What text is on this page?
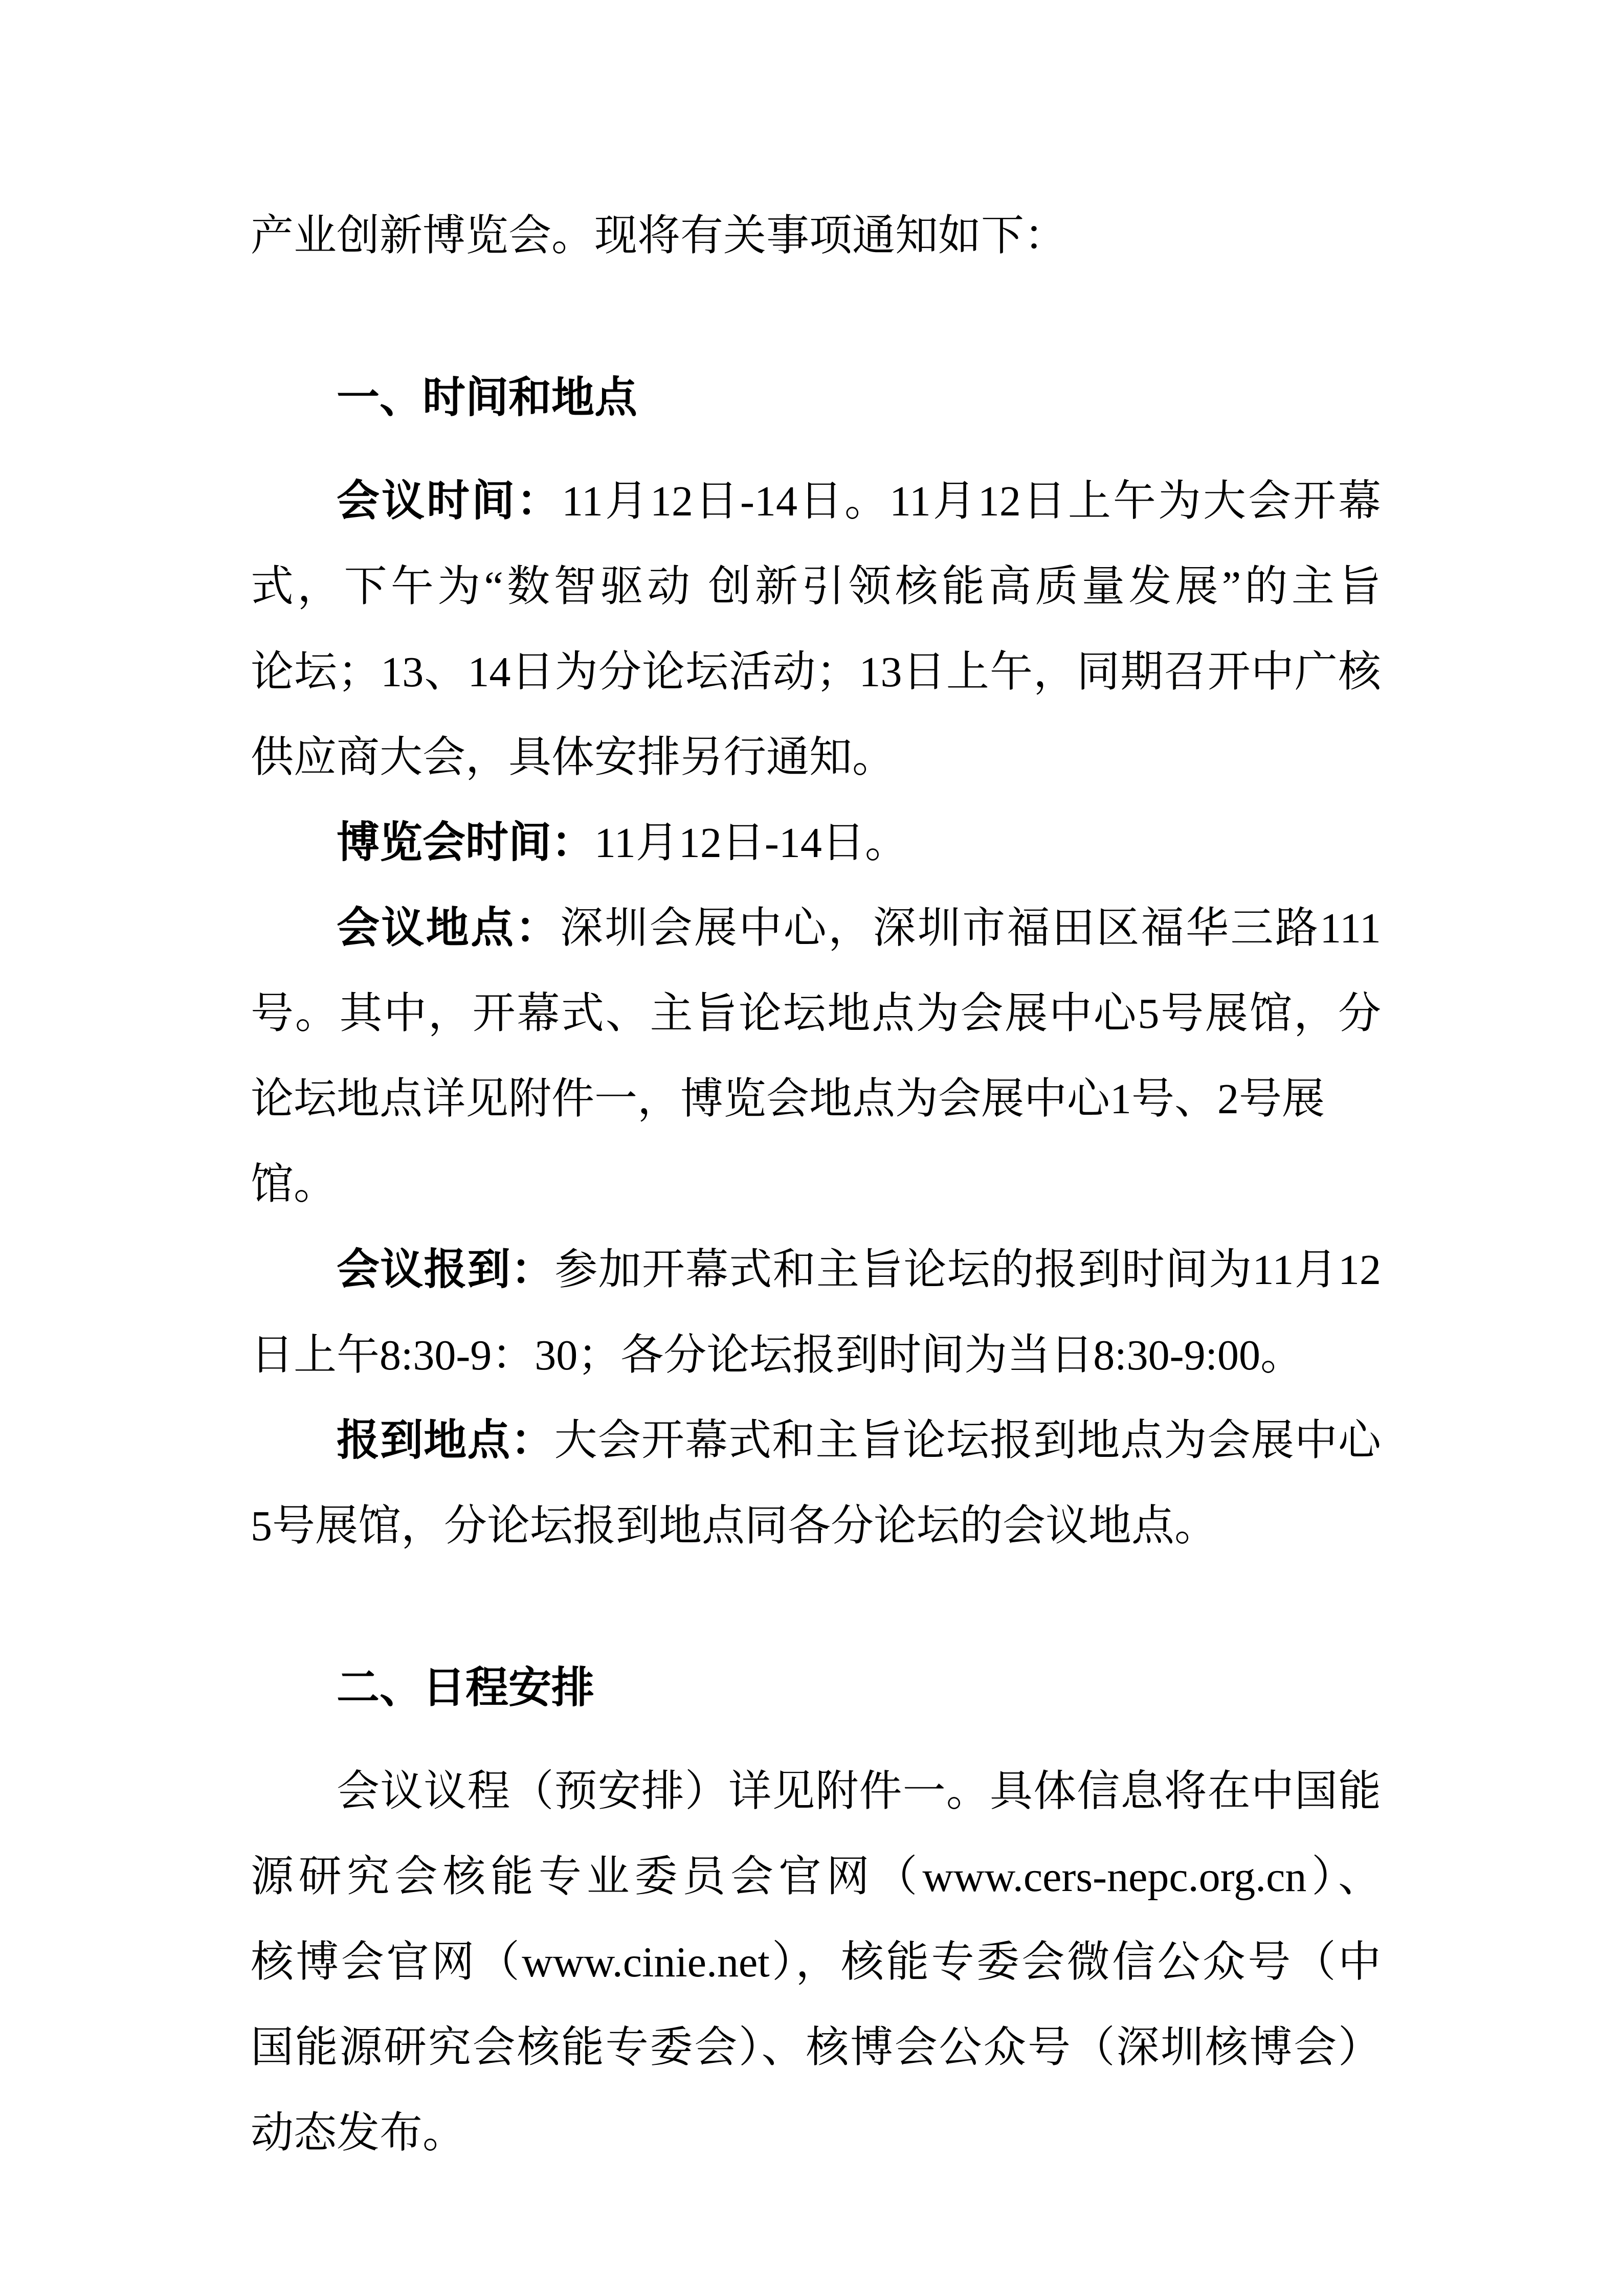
产业创新博览会。现将有关事项通知如下：
一、时间和地点
会议时间：11月12日-14日。11月12日上午为大会开幕
式，下午为“数智驱动 创新引领核能高质量发展”的主旨
论坛；13、14日为分论坛活动；13日上午，同期召开中广核
供应商大会，具体安排另行通知。
博览会时间：11月12日-14日。
会议地点：深圳会展中心，深圳市福田区福华三路111
号。其中，开幕式、主旨论坛地点为会展中心5号展馆，分
论坛地点详见附件一，博览会地点为会展中心1号、2号展馆。
会议报到：参加开幕式和主旨论坛的报到时间为11月12
日上午8:30-9：30；各分论坛报到时间为当日8:30-9:00。
报到地点：大会开幕式和主旨论坛报到地点为会展中心
5号展馆，分论坛报到地点同各分论坛的会议地点。
二、日程安排
会议议程（预安排）详见附件一。具体信息将在中国能
源研究会核能专业委员会官网（www.cers-nepc.org.cn）、
核博会官网（www.cinie.net），核能专委会微信公众号（中
国能源研究会核能专委会）、核博会公众号（深圳核博会）
动态发布。
